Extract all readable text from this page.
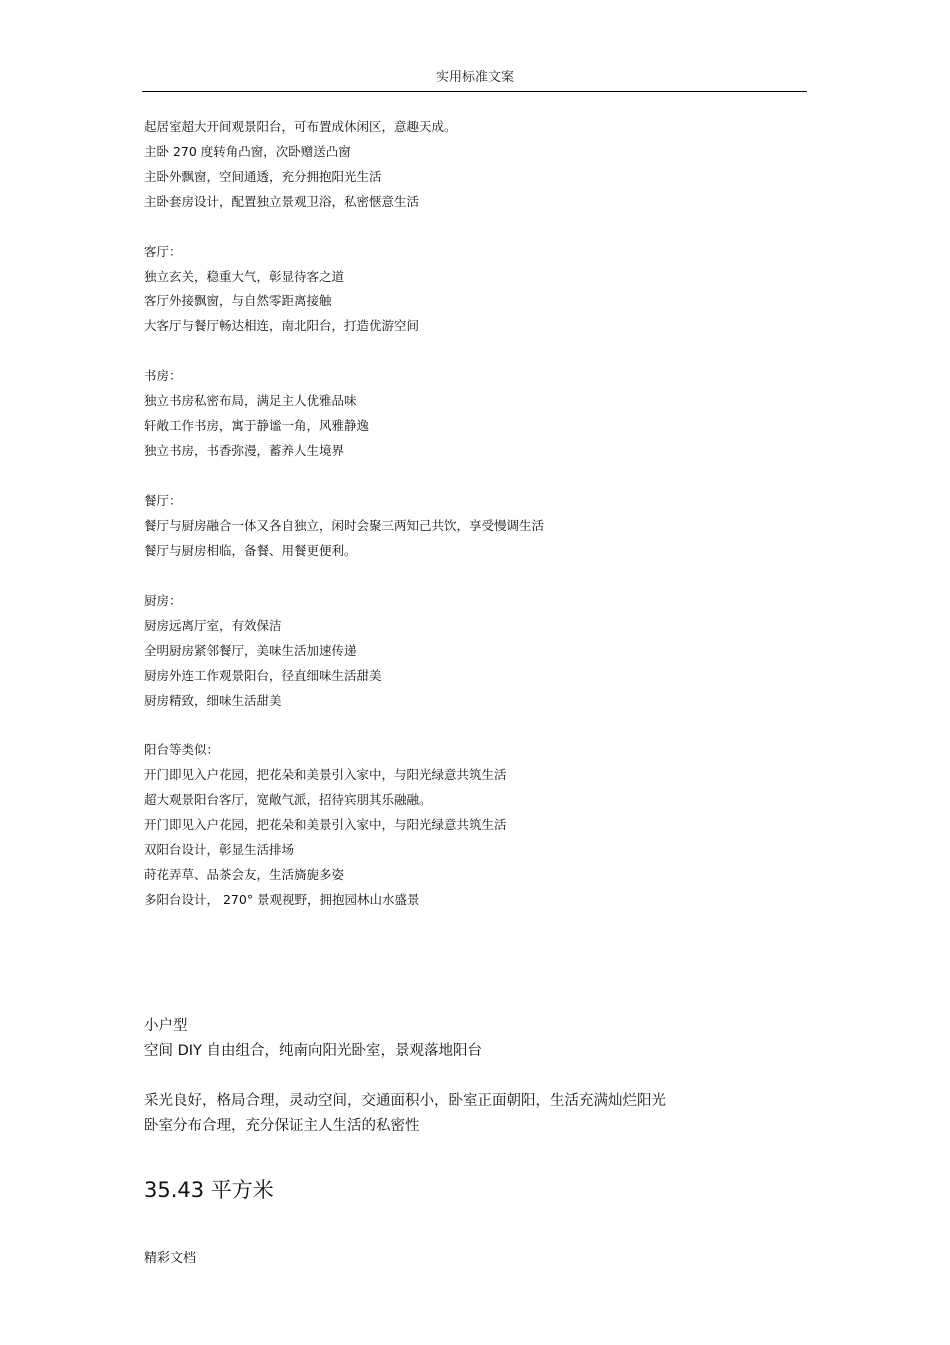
实用标准文案
起居室超大开间观景阳台，可布置成休闲区，意趣天成。
主卧 270 度转角凸窗，次卧赠送凸窗
主卧外飘窗，空间通透，充分拥抱阳光生活
主卧套房设计，配置独立景观卫浴，私密惬意生活
客厅：
独立玄关，稳重大气，彰显待客之道
客厅外接飘窗，与自然零距离接触
大客厅与餐厅畅达相连，南北阳台，打造优游空间
书房：
独立书房私密布局，满足主人优雅品味
轩敞工作书房，寓于静谧一角，风雅静逸
独立书房，书香弥漫，蓄养人生境界
餐厅：
餐厅与厨房融合一体又各自独立，闲时会聚三两知己共饮，享受慢调生活
餐厅与厨房相临，备餐、用餐更便利。
厨房：
厨房远离厅室，有效保洁
全明厨房紧邻餐厅，美味生活加速传递
厨房外连工作观景阳台，径直细味生活甜美
厨房精致，细味生活甜美
阳台等类似：
开门即见入户花园，把花朵和美景引入家中，与阳光绿意共筑生活
超大观景阳台客厅，宽敞气派，招待宾朋其乐融融。
开门即见入户花园，把花朵和美景引入家中，与阳光绿意共筑生活
双阳台设计，彰显生活排场
莳花弄草、品茶会友，生活旖旎多姿
多阳台设计， 270° 景观视野，拥抱园林山水盛景
小户型
空间 DIY 自由组合，纯南向阳光卧室，景观落地阳台
采光良好，格局合理，灵动空间，交通面积小，卧室正面朝阳，生活充满灿烂阳光
卧室分布合理，充分保证主人生活的私密性
35.43 平方米
精彩文档
